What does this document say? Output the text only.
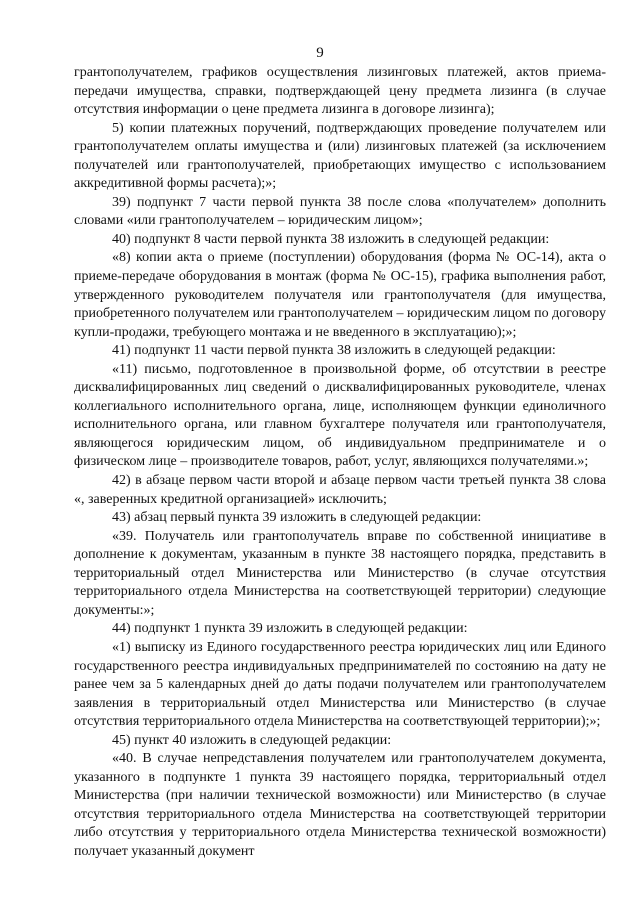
9

грантополучателем, графиков осуществления лизинговых платежей, актов приема-передачи имущества, справки, подтверждающей цену предмета лизинга (в случае отсутствия информации о цене предмета лизинга в договоре лизинга);

5) копии платежных поручений, подтверждающих проведение получателем или грантополучателем оплаты имущества и (или) лизинговых платежей (за исключением получателей или грантополучателей, приобретающих имущество с использованием аккредитивной формы расчета);»;

39) подпункт 7 части первой пункта 38 после слова «получателем» дополнить словами «или грантополучателем – юридическим лицом»;

40) подпункт 8 части первой пункта 38 изложить в следующей редакции:

«8) копии акта о приеме (поступлении) оборудования (форма № ОС-14), акта о приеме-передаче оборудования в монтаж (форма № ОС-15), графика выполнения работ, утвержденного руководителем получателя или грантополучателя (для имущества, приобретенного получателем или грантополучателем – юридическим лицом по договору купли-продажи, требующего монтажа и не введенного в эксплуатацию);»;

41) подпункт 11 части первой пункта 38 изложить в следующей редакции:

«11) письмо, подготовленное в произвольной форме, об отсутствии в реестре дисквалифицированных лиц сведений о дисквалифицированных руководителе, членах коллегиального исполнительного органа, лице, исполняющем функции единоличного исполнительного органа, или главном бухгалтере получателя или грантополучателя, являющегося юридическим лицом, об индивидуальном предпринимателе и о физическом лице – производителе товаров, работ, услуг, являющихся получателями.»;

42) в абзаце первом части второй и абзаце первом части третьей пункта 38 слова «, заверенных кредитной организацией» исключить;

43) абзац первый пункта 39 изложить в следующей редакции:

«39. Получатель или грантополучатель вправе по собственной инициативе в дополнение к документам, указанным в пункте 38 настоящего порядка, представить в территориальный отдел Министерства или Министерство (в случае отсутствия территориального отдела Министерства на соответствующей территории) следующие документы:»;

44) подпункт 1 пункта 39 изложить в следующей редакции:

«1) выписку из Единого государственного реестра юридических лиц или Единого государственного реестра индивидуальных предпринимателей по состоянию на дату не ранее чем за 5 календарных дней до даты подачи получателем или грантополучателем заявления в территориальный отдел Министерства или Министерство (в случае отсутствия территориального отдела Министерства на соответствующей территории);»;

45) пункт 40 изложить в следующей редакции:

«40. В случае непредставления получателем или грантополучателем документа, указанного в подпункте 1 пункта 39 настоящего порядка, территориальный отдел Министерства (при наличии технической возможности) или Министерство (в случае отсутствия территориального отдела Министерства на соответствующей территории либо отсутствия у территориального отдела Министерства технической возможности) получает указанный документ
